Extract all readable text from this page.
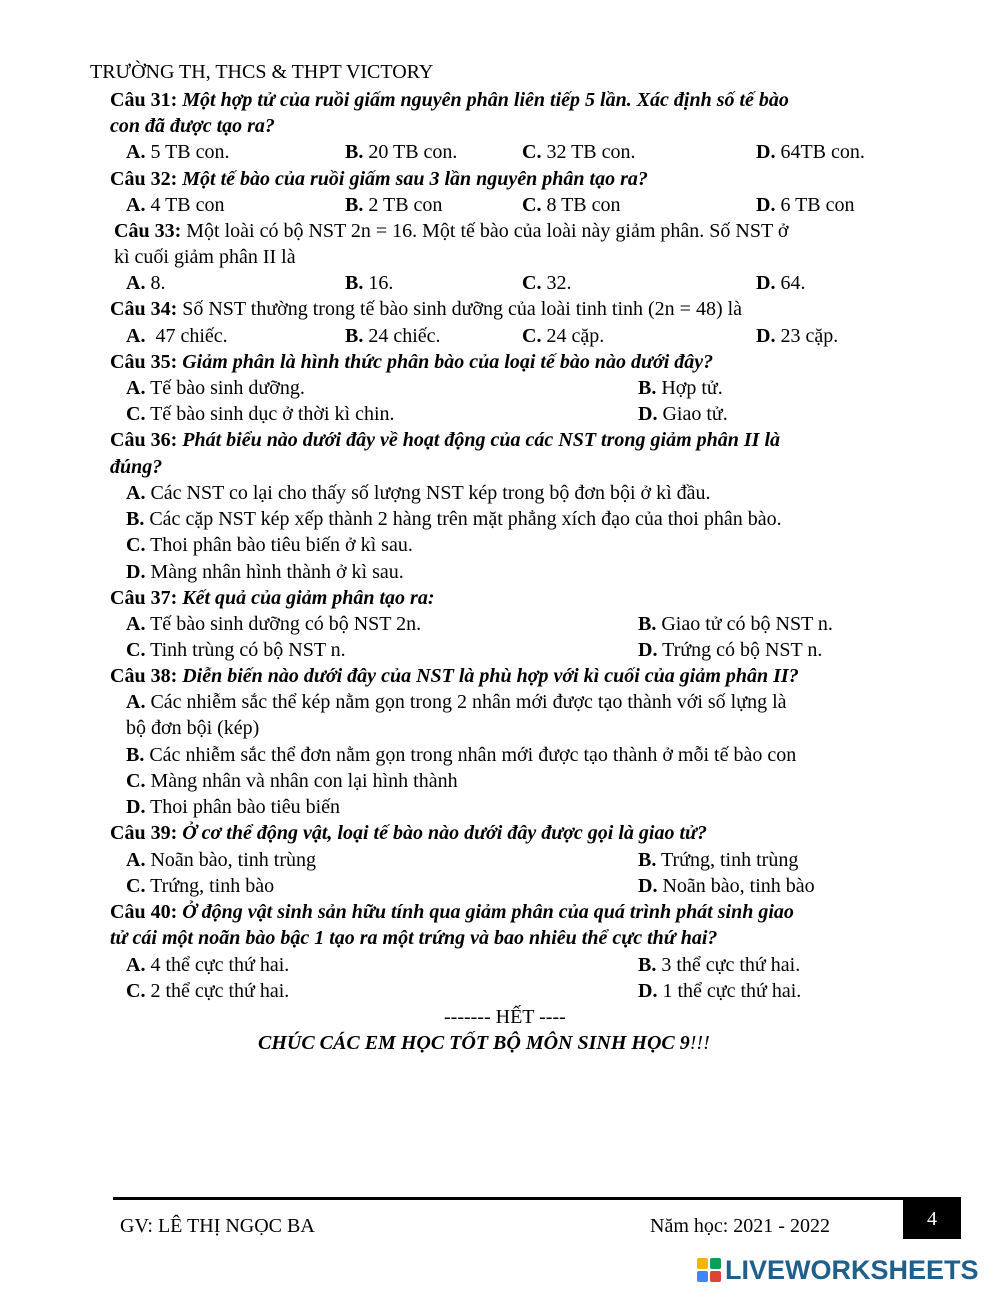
TRƯỜNG TH, THCS & THPT VICTORY
Câu 31: Một hợp tử của ruồi giấm nguyên phân liên tiếp 5 lần. Xác định số tế bào
con đã được tạo ra?
A. 5 TB con.	B. 20 TB con.	C. 32 TB con.	D. 64TB con.
Câu 32: Một tế bào của ruồi giấm sau 3 lần nguyên phân tạo ra?
A. 4 TB con	B. 2 TB con	C. 8 TB con	D. 6 TB con
Câu 33: Một loài có bộ NST 2n = 16. Một tế bào của loài này giảm phân. Số NST ở
kì cuối giảm phân II là
A. 8.	B. 16.	C. 32.	D. 64.
Câu 34: Số NST thường trong tế bào sinh dưỡng của loài tinh tinh (2n = 48) là
A. 47 chiếc.	B. 24 chiếc.	C. 24 cặp.	D. 23 cặp.
Câu 35: Giảm phân là hình thức phân bào của loại tế bào nào dưới đây?
A. Tế bào sinh dưỡng.	B. Hợp tử.
C. Tế bào sinh dục ở thời kì chin.	D. Giao tử.
Câu 36: Phát biểu nào dưới đây về hoạt động của các NST trong giảm phân II là
đúng?
A. Các NST co lại cho thấy số lượng NST kép trong bộ đơn bội ở kì đầu.
B. Các cặp NST kép xếp thành 2 hàng trên mặt phẳng xích đạo của thoi phân bào.
C. Thoi phân bào tiêu biến ở kì sau.
D. Màng nhân hình thành ở kì sau.
Câu 37: Kết quả của giảm phân tạo ra:
A. Tế bào sinh dưỡng có bộ NST 2n.	B. Giao tử có bộ NST n.
C. Tinh trùng có bộ NST n.	D. Trứng có bộ NST n.
Câu 38: Diễn biến nào dưới đây của NST là phù hợp với kì cuối của giảm phân II?
A. Các nhiễm sắc thể kép nằm gọn trong 2 nhân mới được tạo thành với số lựng là
bộ đơn bội (kép)
B. Các nhiễm sắc thể đơn nằm gọn trong nhân mới được tạo thành ở mỗi tế bào con
C. Màng nhân và nhân con lại hình thành
D. Thoi phân bào tiêu biến
Câu 39: Ở cơ thể động vật, loại tế bào nào dưới đây được gọi là giao tử?
A. Noãn bào, tinh trùng	B. Trứng, tinh trùng
C. Trứng, tinh bào	D. Noãn bào, tinh bào
Câu 40: Ở động vật sinh sản hữu tính qua giảm phân của quá trình phát sinh giao
tử cái một noãn bào bậc 1 tạo ra một trứng và bao nhiêu thể cực thứ hai?
A. 4 thể cực thứ hai.	B. 3 thể cực thứ hai.
C. 2 thể cực thứ hai.	D. 1 thể cực thứ hai.
------- HẾT ----
CHÚC CÁC EM HỌC TỐT BỘ MÔN SINH HỌC 9!!!
4
GV: LÊ THỊ NGỌC BA	Năm học: 2021 - 2022
LIVEWORKSHEETS
